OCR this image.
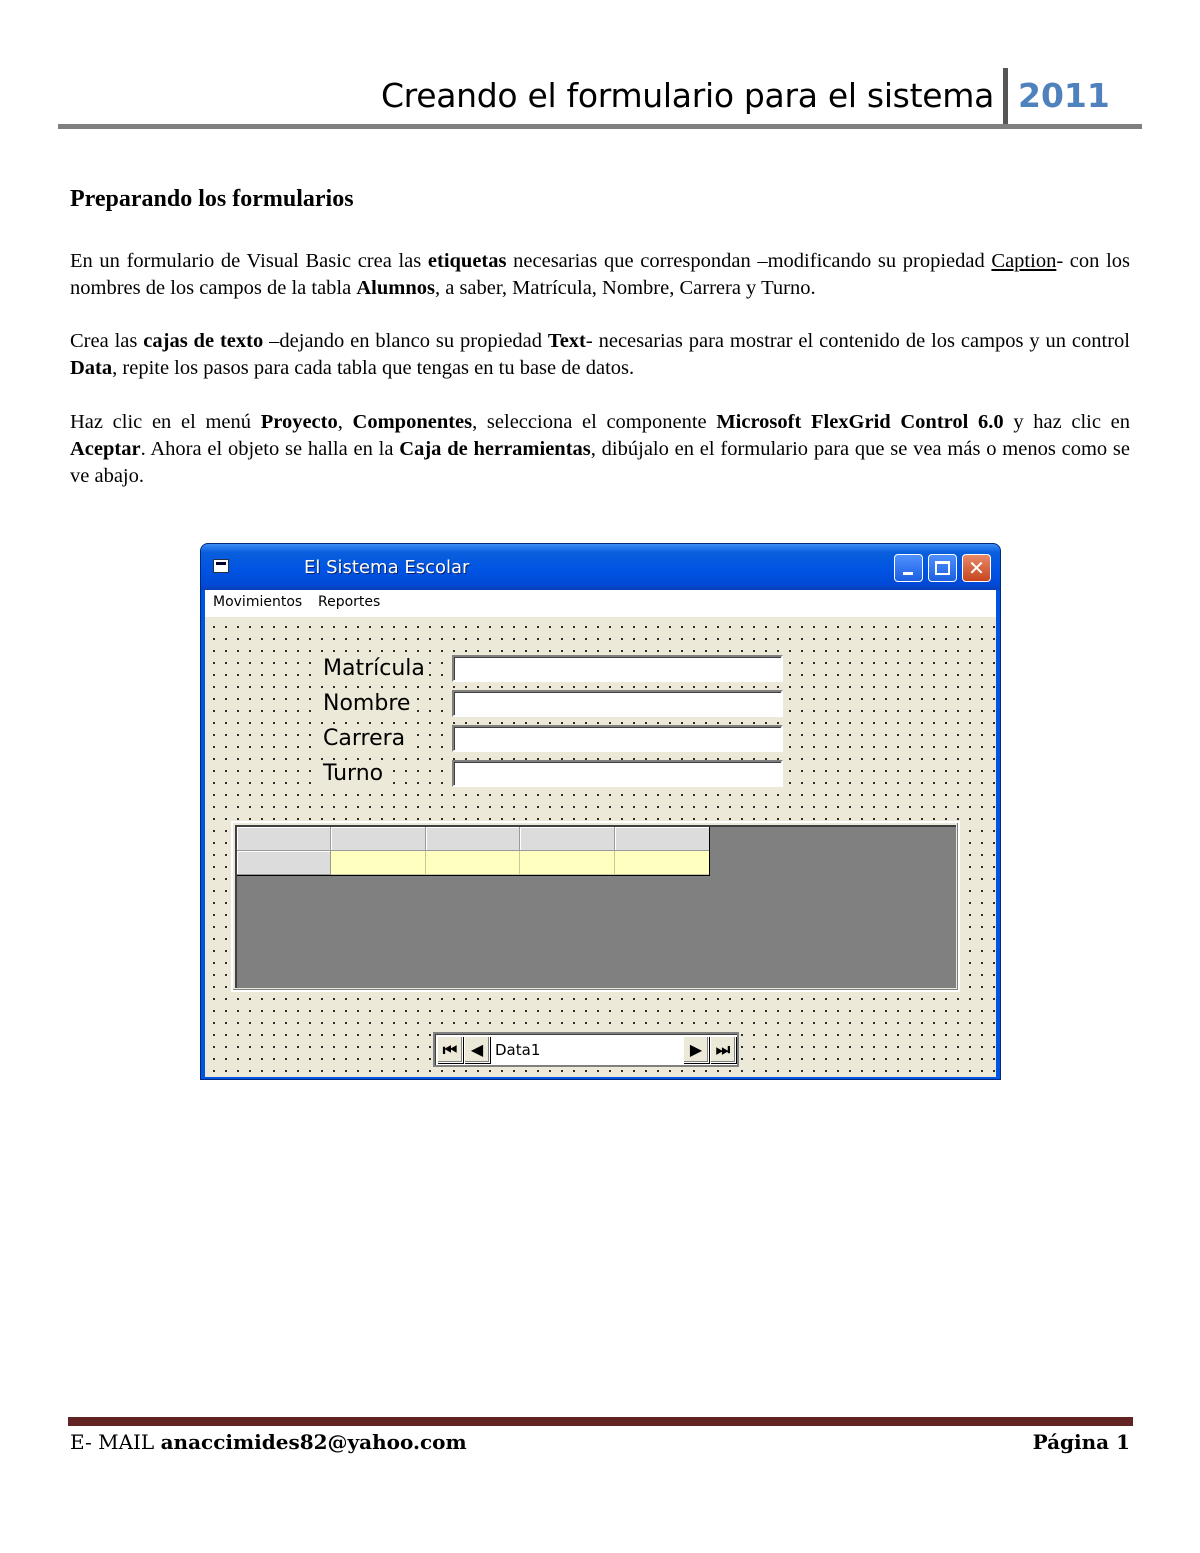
Creando el formulario para el sistema 2011
Preparando los formularios

En un formulario de Visual Basic crea las etiquetas necesarias que correspondan –modificando su propiedad Caption- con los nombres de los campos de la tabla Alumnos, a saber, Matrícula, Nombre, Carrera y Turno.

Crea las cajas de texto –dejando en blanco su propiedad Text- necesarias para mostrar el contenido de los campos y un control Data, repite los pasos para cada tabla que tengas en tu base de datos.

Haz clic en el menú Proyecto, Componentes, selecciona el componente Microsoft FlexGrid Control 6.0 y haz clic en Aceptar. Ahora el objeto se halla en la Caja de herramientas, dibújalo en el formulario para que se vea más o menos como se ve abajo.

El Sistema Escolar	✕
Movimientos Reportes
Matrícula
Nombre
Carrera
Turno
⏮ ◀ Data1	▶ ⏭
E- MAIL anaccimides82@yahoo.com	Página 1
